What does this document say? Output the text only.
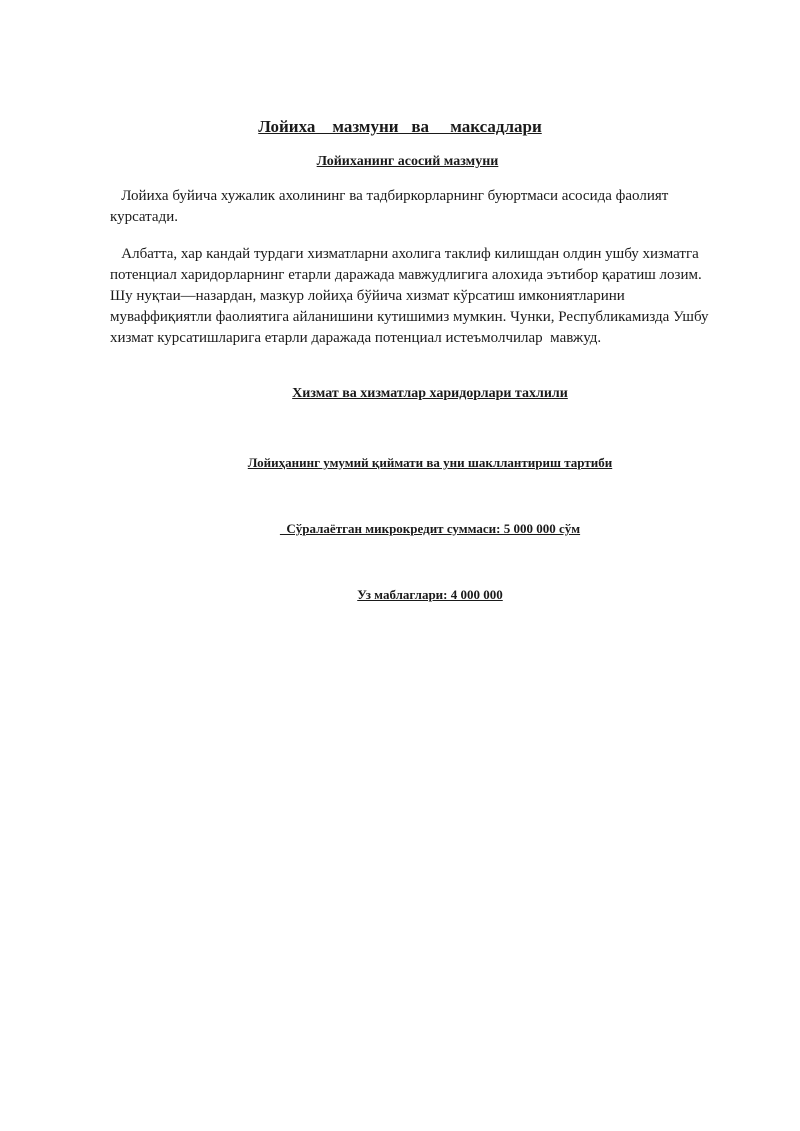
Лойиха    мазмуни   ва     максадлари
Лойиханинг асосий мазмуни

Лойиха буйича хужалик ахолининг ва тадбиркорларнинг буюртмаси асосида фаолият курсатади.

Албатта, хар кандай турдаги хизматларни ахолига таклиф килишдан олдин ушбу хизматга потенциал харидорларнинг етарли даражада мавжудлигига алохида эътибор қаратиш лозим. Шу нуқтаи—назардан, мазкур лойиҳа бўйича хизмат кўрсатиш имкониятларини муваффиқиятли фаолиятига айланишини кутишимиз мумкин. Чунки, Республикамизда Ушбу хизмат курсатишларига етарли даражада потенциал истеъмолчилар  мавжуд.

Хизмат ва хизматлар харидорлари тахлили
Лойиҳанинг умумий қиймати ва уни шакллантириш тартиби
Сўралаётган микрокредит суммаси: 5 000 000 сўм
Уз маблаглари: 4 000 000
